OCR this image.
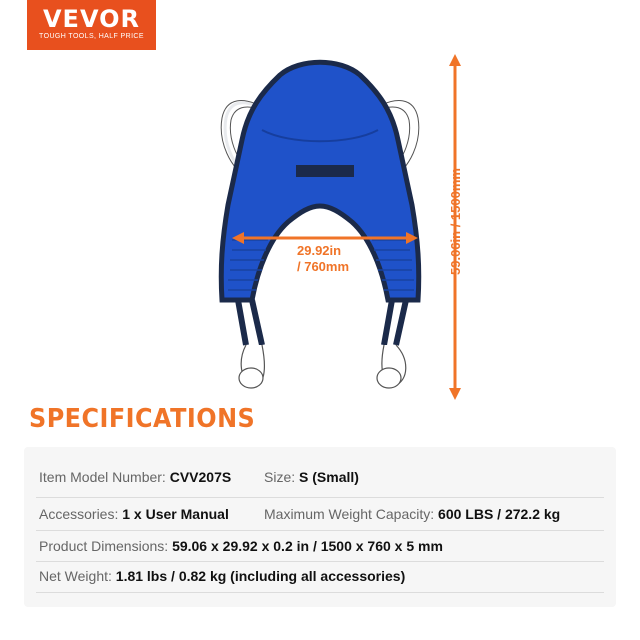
VEVOR
TOUGH TOOLS, HALF PRICE
29.92in
/ 760mm	59.06in / 1500mm
SPECIFICATIONS
Item Model Number: CVV207S Size: S (Small)
Accessories: 1 x User Manual	Maximum Weight Capacity: 600 LBS / 272.2 kg
Product Dimensions: 59.06 x 29.92 x 0.2 in / 1500 x 760 x 5 mm
Net Weight: 1.81 lbs / 0.82 kg (including all accessories)
